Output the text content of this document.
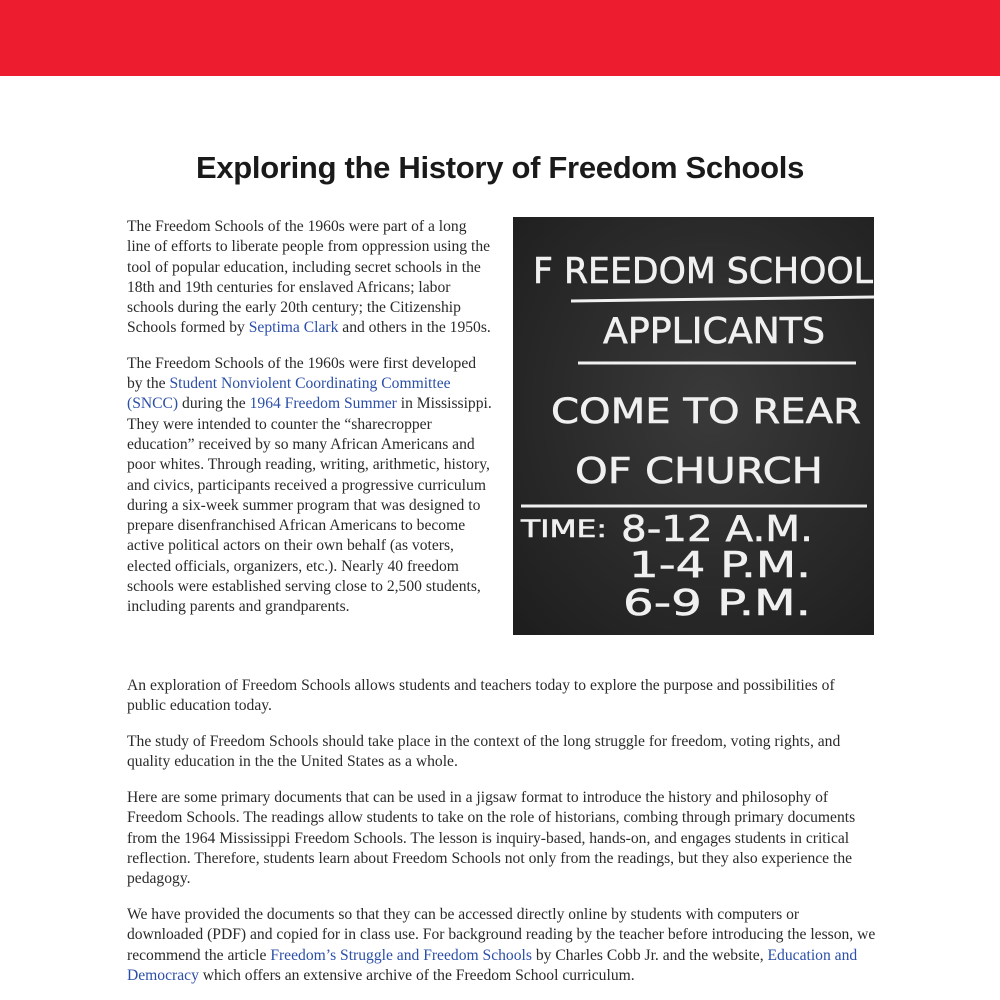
Exploring the History of Freedom Schools

The Freedom Schools of the 1960s were part of a long line of efforts to liberate people from oppression using the tool of popular education, including secret schools in the 18th and 19th centuries for enslaved Africans; labor schools during the early 20th century; the Citizenship Schools formed by Septima Clark and others in the 1950s.

The Freedom Schools of the 1960s were first developed by the Student Nonviolent Coordinating Committee (SNCC) during the 1964 Freedom Summer in Mississippi. They were intended to counter the “sharecropper education” received by so many African Americans and poor whites. Through reading, writing, arithmetic, history, and civics, participants received a progressive curriculum during a six-week summer program that was designed to prepare disenfranchised African Americans to become active political actors on their own behalf (as voters, elected officials, organizers, etc.). Nearly 40 freedom schools were established serving close to 2,500 students, including parents and grandparents.

F REEDOM SCHOOL
APPLICANTS
COME TO REAR
OF CHURCH
TIME: 8-12 A.M.
1-4 P.M.
6-9 P.M.

An exploration of Freedom Schools allows students and teachers today to explore the purpose and possibilities of public education today.

The study of Freedom Schools should take place in the context of the long struggle for freedom, voting rights, and quality education in the the United States as a whole.

Here are some primary documents that can be used in a jigsaw format to introduce the history and philosophy of Freedom Schools. The readings allow students to take on the role of historians, combing through primary documents from the 1964 Mississippi Freedom Schools. The lesson is inquiry-based, hands-on, and engages students in critical reflection. Therefore, students learn about Freedom Schools not only from the readings, but they also experience the pedagogy.

We have provided the documents so that they can be accessed directly online by students with computers or downloaded (PDF) and copied for in class use. For background reading by the teacher before introducing the lesson, we recommend the article Freedom’s Struggle and Freedom Schools by Charles Cobb Jr. and the website, Education and Democracy which offers an extensive archive of the Freedom School curriculum.
